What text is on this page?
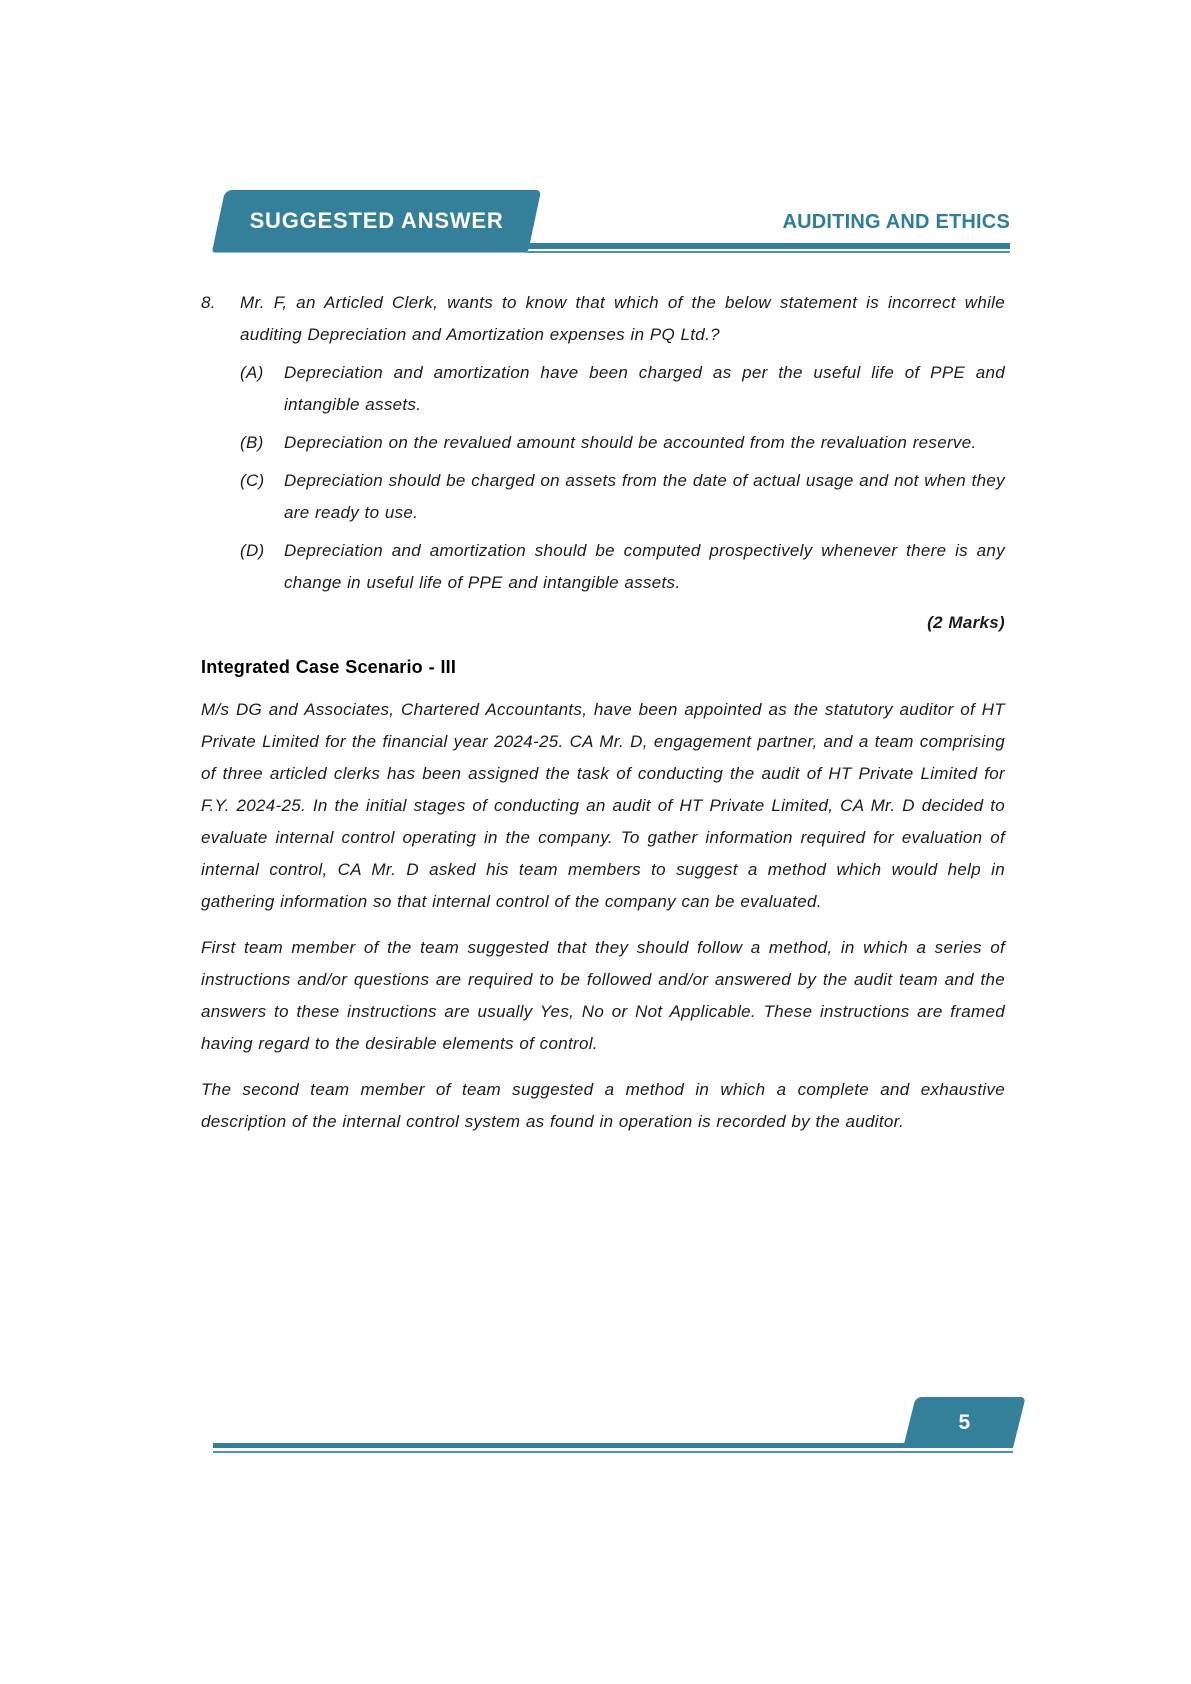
SUGGESTED ANSWER	AUDITING AND ETHICS
8.	Mr. F, an Articled Clerk, wants to know that which of the below statement is incorrect while auditing Depreciation and Amortization expenses in PQ Ltd.?
(A)	Depreciation and amortization have been charged as per the useful life of PPE and intangible assets.
(B)	Depreciation on the revalued amount should be accounted from the revaluation reserve.
(C)	Depreciation should be charged on assets from the date of actual usage and not when they are ready to use.
(D)	Depreciation and amortization should be computed prospectively whenever there is any change in useful life of PPE and intangible assets.
(2 Marks)
Integrated Case Scenario - III
M/s DG and Associates, Chartered Accountants, have been appointed as the statutory auditor of HT Private Limited for the financial year 2024-25. CA Mr. D, engagement partner, and a team comprising of three articled clerks has been assigned the task of conducting the audit of HT Private Limited for F.Y. 2024-25. In the initial stages of conducting an audit of HT Private Limited, CA Mr. D decided to evaluate internal control operating in the company. To gather information required for evaluation of internal control, CA Mr. D asked his team members to suggest a method which would help in gathering information so that internal control of the company can be evaluated.
First team member of the team suggested that they should follow a method, in which a series of instructions and/or questions are required to be followed and/or answered by the audit team and the answers to these instructions are usually Yes, No or Not Applicable. These instructions are framed having regard to the desirable elements of control.
The second team member of team suggested a method in which a complete and exhaustive description of the internal control system as found in operation is recorded by the auditor.
5
